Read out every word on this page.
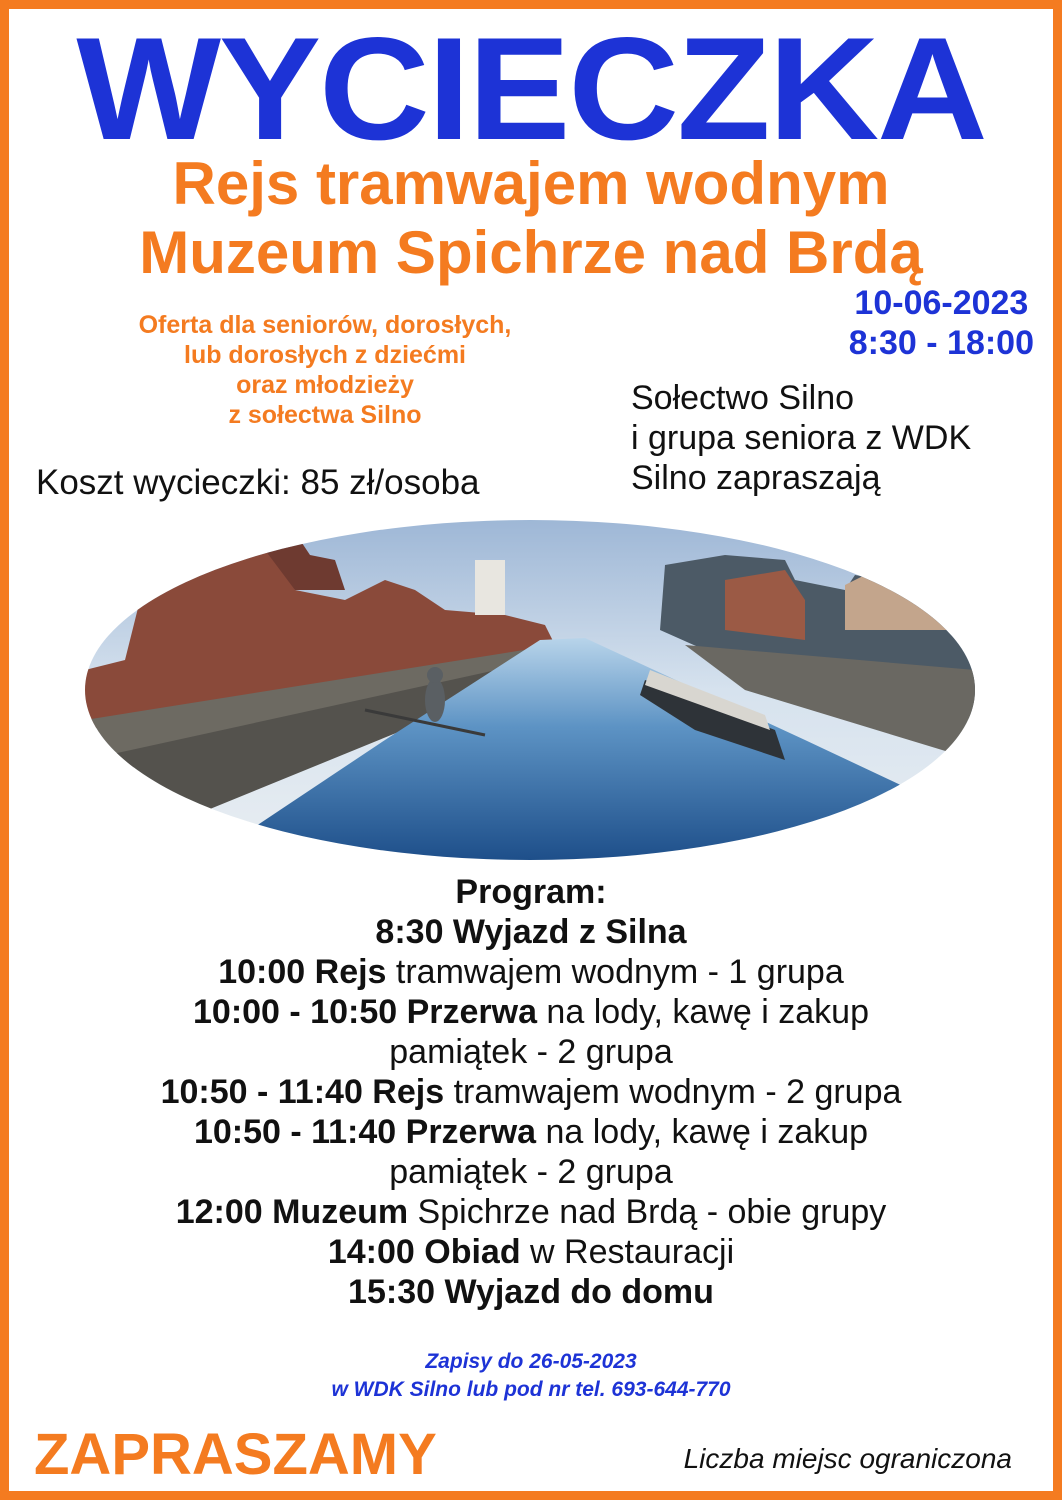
WYCIECZKA
Rejs tramwajem wodnym
Muzeum Spichrze nad Brdą
10-06-2023
8:30 - 18:00
Oferta dla seniorów, dorosłych,
lub dorosłych z dziećmi
oraz młodzieży
z sołectwa Silno
Koszt wycieczki: 85 zł/osoba
Sołectwo Silno
i grupa seniora z WDK
Silno zapraszają
Program:
8:30 Wyjazd z Silna
10:00 Rejs tramwajem wodnym - 1 grupa
10:00 - 10:50 Przerwa na lody, kawę i zakup
pamiątek - 2 grupa
10:50 - 11:40 Rejs tramwajem wodnym - 2 grupa
10:50 - 11:40 Przerwa na lody, kawę i zakup
pamiątek - 2 grupa
12:00 Muzeum Spichrze nad Brdą - obie grupy
14:00 Obiad w Restauracji
15:30 Wyjazd do domu
Zapisy do 26-05-2023
w WDK Silno lub pod nr tel. 693-644-770
ZAPRASZAMY	Liczba miejsc ograniczona
